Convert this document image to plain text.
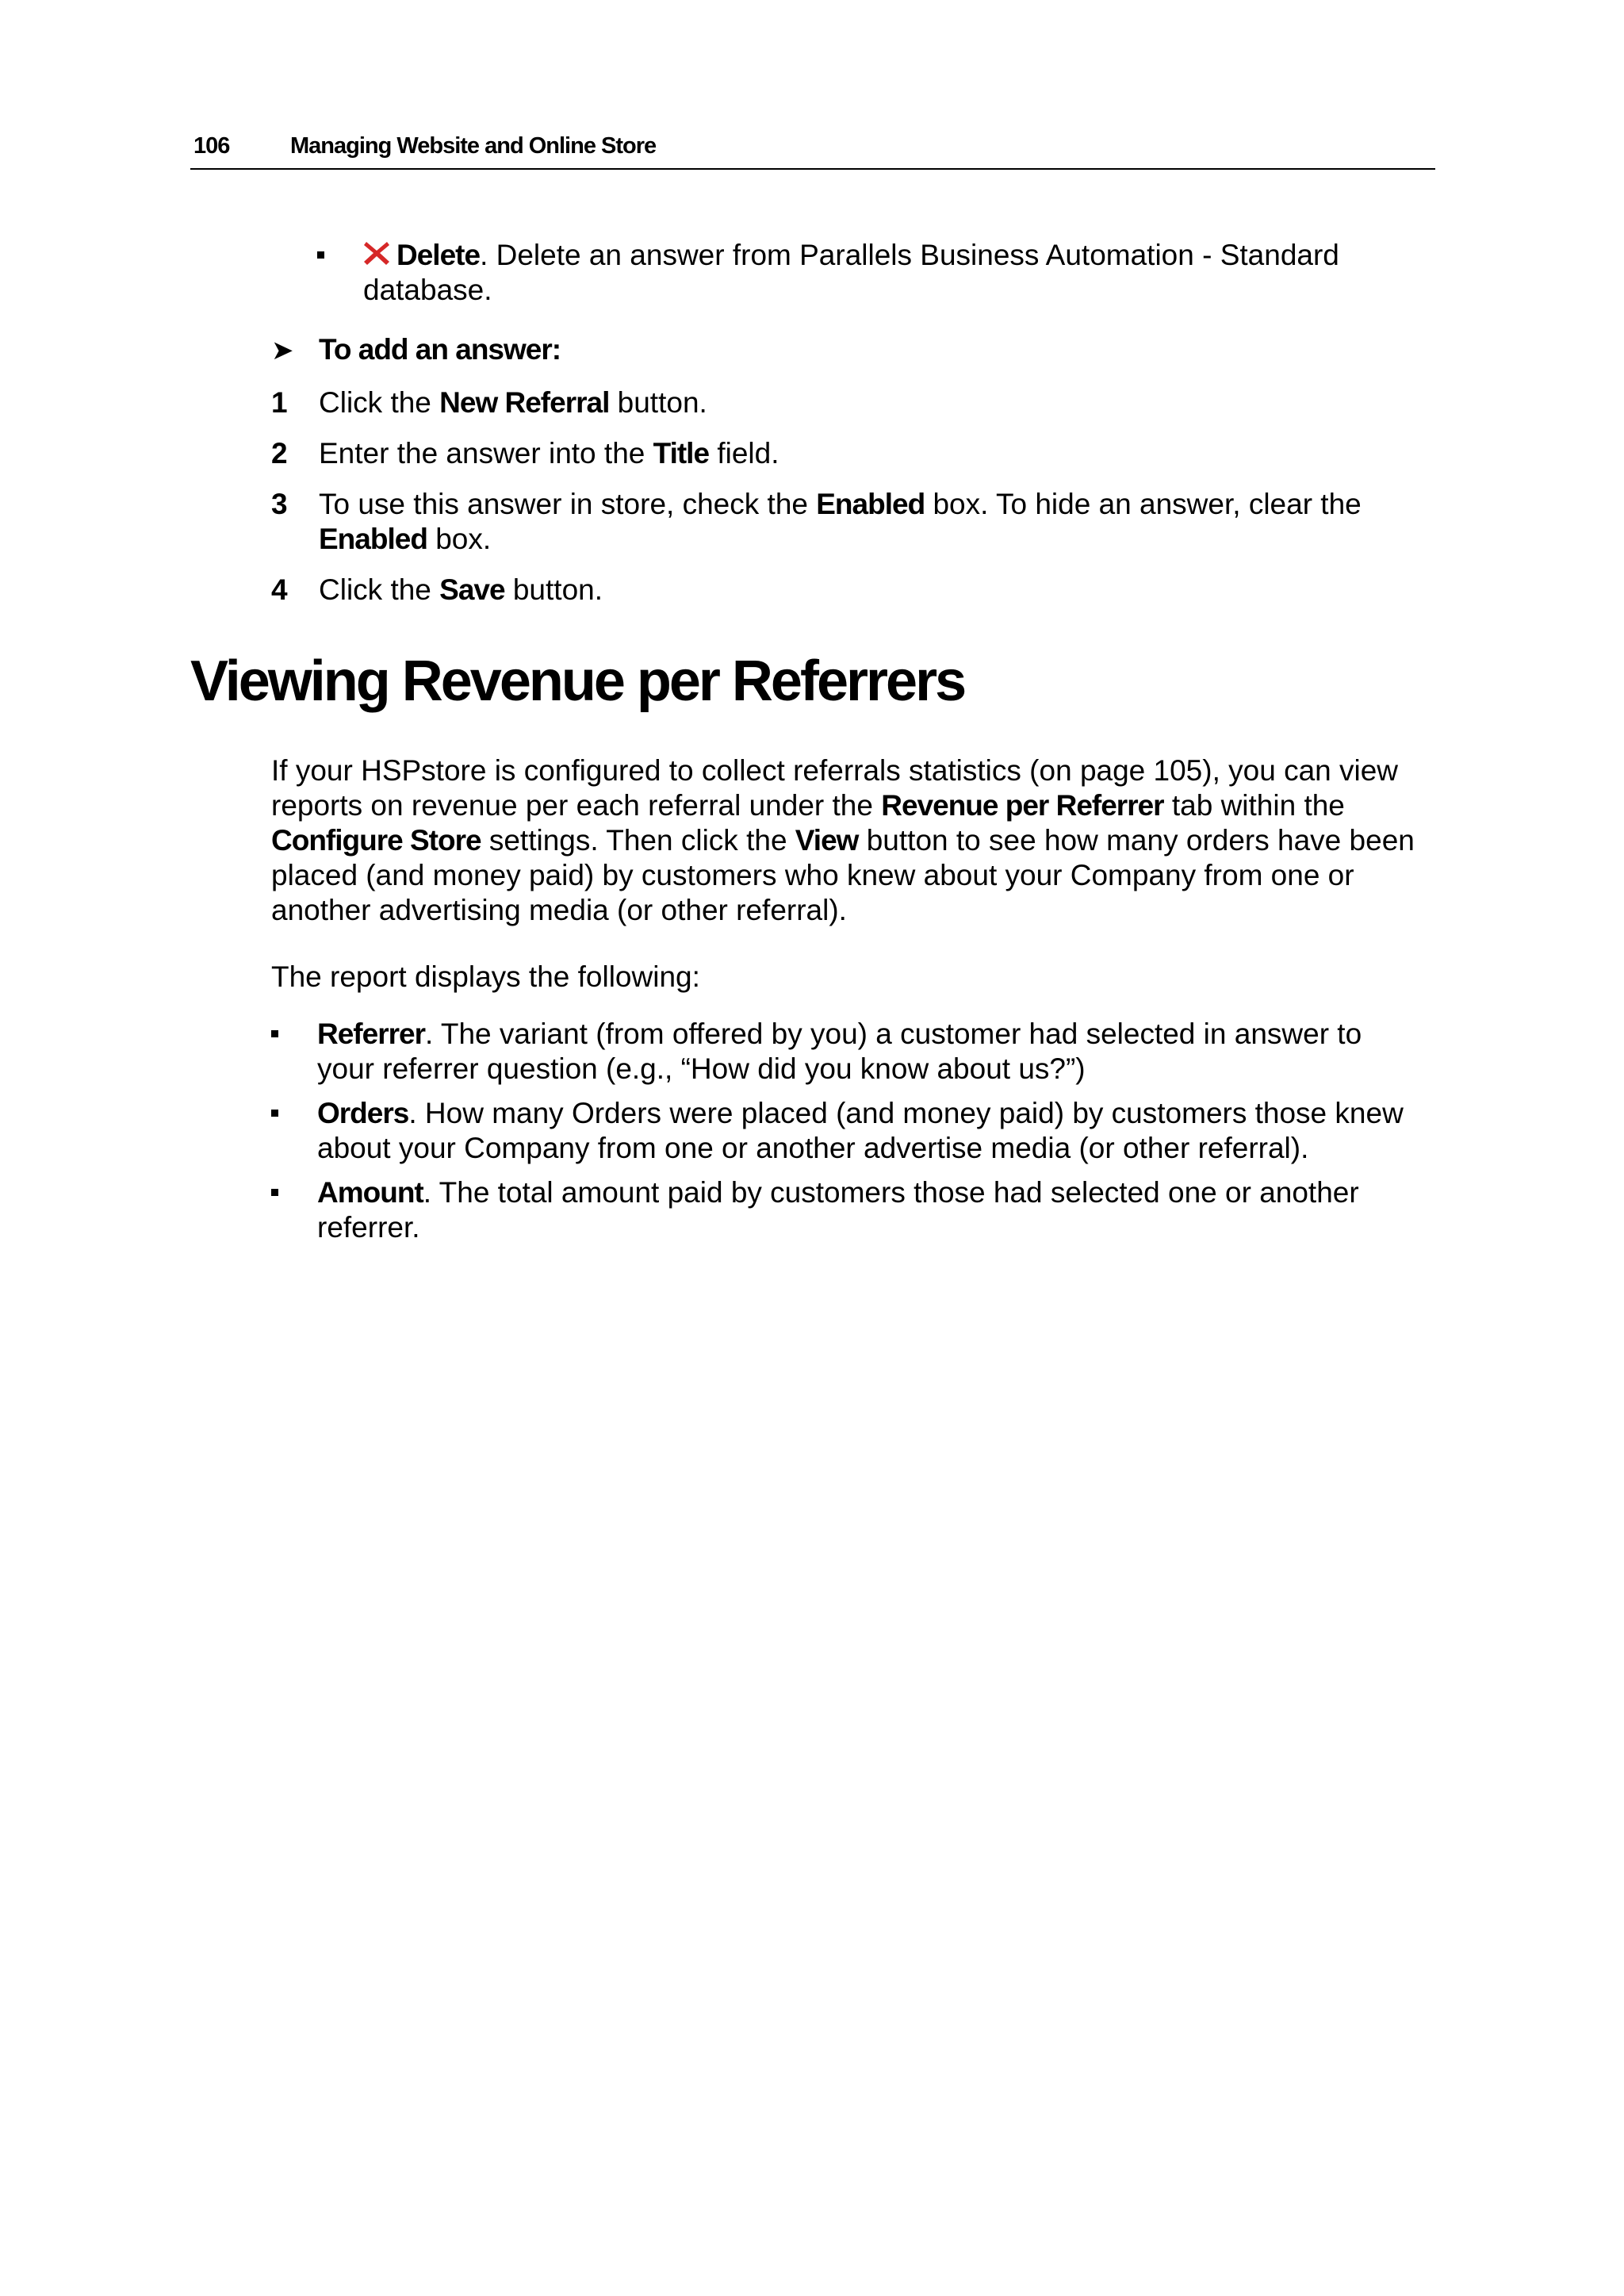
106	Managing Website and Online Store
Delete. Delete an answer from Parallels Business Automation - Standard database.
➤ To add an answer:
1 Click the New Referral button.
2 Enter the answer into the Title field.
3 To use this answer in store, check the Enabled box. To hide an answer, clear the Enabled box.
4 Click the Save button.
Viewing Revenue per Referrers
If your HSPstore is configured to collect referrals statistics (on page 105), you can view reports on revenue per each referral under the Revenue per Referrer tab within the Configure Store settings. Then click the View button to see how many orders have been placed (and money paid) by customers who knew about your Company from one or another advertising media (or other referral).
The report displays the following:
Referrer. The variant (from offered by you) a customer had selected in answer to your referrer question (e.g., “How did you know about us?”)
Orders. How many Orders were placed (and money paid) by customers those knew about your Company from one or another advertise media (or other referral).
Amount. The total amount paid by customers those had selected one or another referrer.
